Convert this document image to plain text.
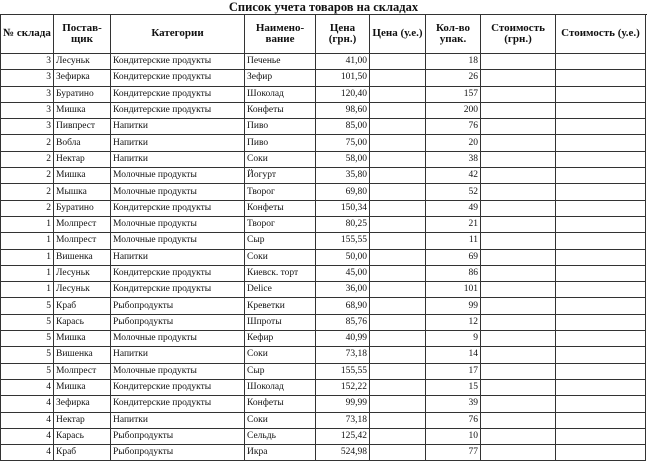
Список учета товаров на складах
№ склада	Постав-щик	Категории	Наимено-вание	Цена (грн.)	Цена (у.е.)	Кол-во упак.	Стоимость (грн.)	Стоимость (у.е.)
3	Лесуньк	Кондитерские продукты	Печенье	41,00		18		
3	Зефирка	Кондитерские продукты	Зефир	101,50		26		
3	Буратино	Кондитерские продукты	Шоколад	120,40		157		
3	Мишка	Кондитерские продукты	Конфеты	98,60		200		
3	Пивпрест	Напитки	Пиво	85,00		76		
2	Вобла	Напитки	Пиво	75,00		20		
2	Нектар	Напитки	Соки	58,00		38		
2	Мишка	Молочные продукты	Йогурт	35,80		42		
2	Мышка	Молочные продукты	Творог	69,80		52		
2	Буратино	Кондитерские продукты	Конфеты	150,34		49		
1	Молпрест	Молочные продукты	Творог	80,25		21		
1	Молпрест	Молочные продукты	Сыр	155,55		11		
1	Вишенка	Напитки	Соки	50,00		69		
1	Лесуньк	Кондитерские продукты	Киевск. торт	45,00		86		
1	Лесуньк	Кондитерские продукты	Delice	36,00		101		
5	Краб	Рыбопродукты	Креветки	68,90		99		
5	Карась	Рыбопродукты	Шпроты	85,76		12		
5	Мишка	Молочные продукты	Кефир	40,99		9		
5	Вишенка	Напитки	Соки	73,18		14		
5	Молпрест	Молочные продукты	Сыр	155,55		17		
4	Мишка	Кондитерские продукты	Шоколад	152,22		15		
4	Зефирка	Кондитерские продукты	Конфеты	99,99		39		
4	Нектар	Напитки	Соки	73,18		76		
4	Карась	Рыбопродукты	Сельдь	125,42		10		
4	Краб	Рыбопродукты	Икра	524,98		77		
